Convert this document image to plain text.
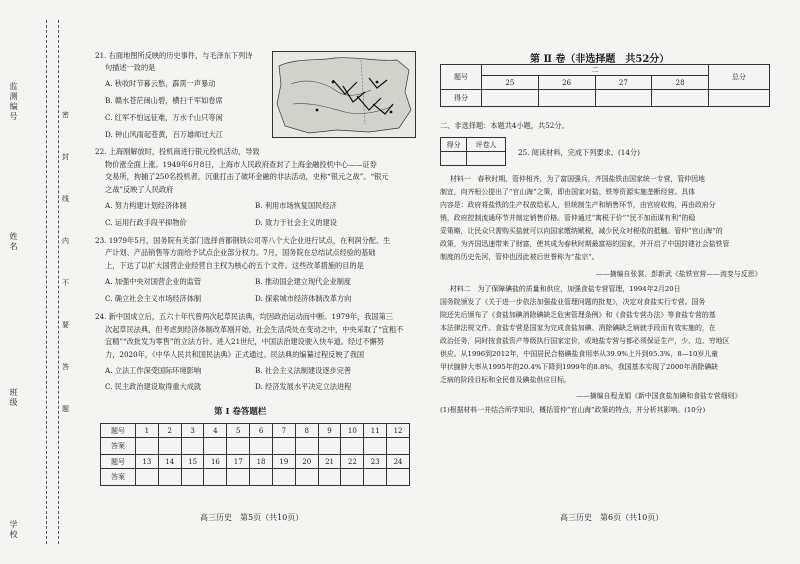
监测编号
姓名
班级
学校
密
封
线
内
不
要
答
题
21. 右面地图所反映的历史事件，与毛泽东下列诗
句描述一致的是
A. 秋收时节暮云愁，霹雳一声暴动
B. 赣水苍茫闽山碧，横扫千军如卷席
C. 红军不怕远征难，万水千山只等闲
D. 钟山风雨起苍黄，百万雄师过大江
22. 上海刚解放时，投机商进行银元投机活动，导致
物价涨全面上涨。1949年6月8日，上海市人民政府查封了上海金融投机中心——证券
交易所，拘捕了250名投机者，沉重打击了破坏金融的非法活动，史称“银元之战”。“银元
之战”反映了人民政府
A. 努力构建计划经济体制	B. 利用市场恢复国民经济
C. 运用行政手段平抑物价	D. 致力于社会主义的建设
23. 1979年5月，国务院有关部门选择首都钢铁公司等八个大企业进行试点，在利润分配、生
产计划、产品销售等方面给予试点企业部分权力。7月，国务院在总结试点经验的基础
上，下达了以扩大国营企业经营自主权为核心的五个文件。这些改革措施的目的是
A. 加强中央对国营企业的监管	B. 推动国企建立现代企业制度
C. 确立社会主义市场经济体制	D. 探索城市经济体制改革方向
24. 新中国成立后，五六十年代曾两次起草民法典，均因政治运动而中断。1979年，我国第三
次起草民法典，但考虑到经济体制改革刚开始，社会生活尚处在变动之中，中央采取了“宜粗不
宜精”“改批发为零售”的立法方针。进入21世纪，中国法治建设驶入快车道。经过不懈努
力，2020年，《中华人民共和国民法典》正式通过。民法典的编纂过程反映了我国
A. 立法工作深受国际环境影响	B. 社会主义法制建设逐步完善
C. 民主政治建设取得重大成就	D. 经济发展水平决定立法进程
第 Ⅰ 卷答题栏
题号	1	2	3	4	5	6	7	8	9	10	11	12
答案												
题号	13	14	15	16	17	18	19	20	21	22	23	24
答案												
高三历史　第5页（共10页）
第 Ⅱ 卷（非选择题　共52分）
题号	二				总分
	25	26	27	28	
得分					
二、非选择题：本题共4小题，共52分。
得分	评卷人

25. 阅读材料，完成下列要求。(14分)
材料一　春秋时期，管仲相齐，为了富国强兵，齐国盐铁由国家统一专营，管仲因地
制宜，向齐桓公提出了“官山海”之策，即由国家对盐、铁等资源实施垄断经营。具体
内容是：政府将盐铁的生产权放给私人，但统制生产和销售环节，由官府收购，再由政府分
销，政府控制流通环节并制定销售价格。管仲通过“寓税于价”“民不加而谋有利”的稳
妥策略，让民众只需购买盐就可以向国家缴纳赋税，减少民众对税收的抵触。管仲“官山海”的
政策，为齐国迅速带来了财富，使其成为春秋时期最富裕的国家，并开启了中国封建社会盐铁管
制度的历史先河，管仲也因此被后世誉称为“盐宗”。
——摘编自张裳、彭新武《盐铁官营——流变与反思》
材料二　为了保障碘盐的质量和供应，加强食盐专营管理，1994年2月20日
国务院颁发了《关于进一步依法加强盐业管理问题的批复》，决定对食盐实行专营。国务
院还先后颁布了《食盐加碘消除碘缺乏危害管理条例》和《食盐专营办法》等食盐专营的基
本法律法规文件。食盐专营是国家为完成食盐加碘、消除碘缺乏病就手段而有效实施的，在
政治任务，同时按食盐资产等级执行国家定价，或地盐专营与都必须保证生产，少、边、穷地区
供应。从1996到2012年，中国居民合格碘盐食用率从39.9%上升到95.3%，8—10岁儿童
甲状腺肿大率从1995年的20.4%下降到1999年的8.8%，我国基本实现了2000年消除碘缺
乏病的阶段目标和全民普及碘盐供应目标。
——摘编自程龙娟《新中国食盐加碘和食盐专营细则》
(1)根据材料一并结合所学知识，概括管仲“官山海”政策的特点，并分析其影响。(10分)
高三历史　第6页（共10页）
